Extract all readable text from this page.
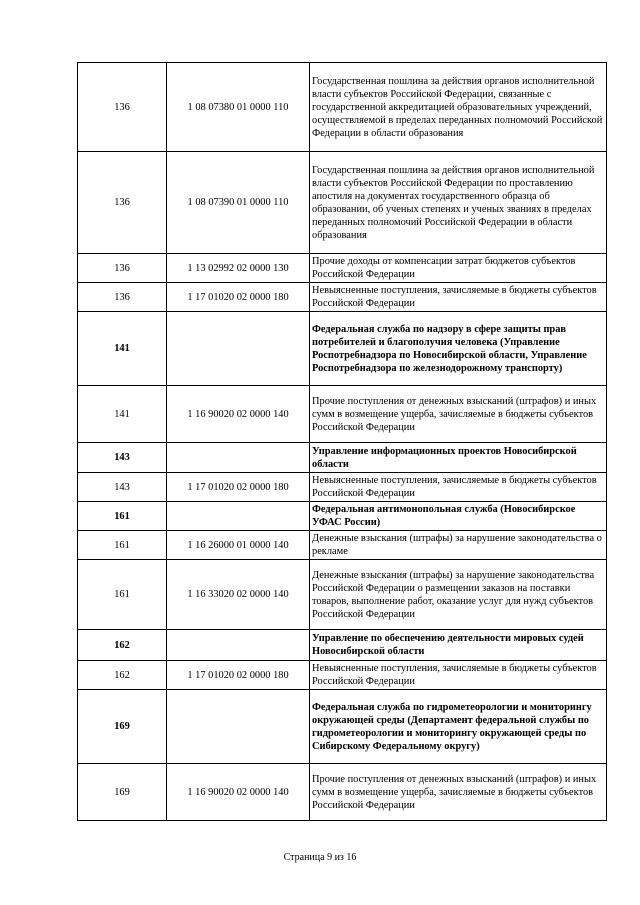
136	1 08 07380 01 0000 110	Государственная пошлина за действия органов исполнительной власти субъектов Российской Федерации, связанные с государственной аккредитацией образовательных учреждений, осуществляемой в пределах переданных полномочий Российской Федерации в области образования
136	1 08 07390 01 0000 110	Государственная пошлина за действия органов исполнительной власти субъектов Российской Федерации по проставлению апостиля на документах государственного образца об образовании, об ученых степенях и ученых званиях в пределах переданных полномочий Российской Федерации в области образования
136	1 13 02992 02 0000 130	Прочие доходы от компенсации затрат бюджетов субъектов Российской Федерации
136	1 17 01020 02 0000 180	Невыясненные поступления, зачисляемые в бюджеты субъектов Российской Федерации
141		Федеральная служба по надзору в сфере защиты прав потребителей и благополучия человека (Управление Роспотребнадзора по Новосибирской области, Управление Роспотребнадзора по железнодорожному транспорту)
141	1 16 90020 02 0000 140	Прочие поступления от денежных взысканий (штрафов) и иных сумм в возмещение ущерба, зачисляемые в бюджеты субъектов Российской Федерации
143		Управление информационных проектов Новосибирской области
143	1 17 01020 02 0000 180	Невыясненные поступления, зачисляемые в бюджеты субъектов Российской Федерации
161		Федеральная антимонопольная служба (Новосибирское УФАС России)
161	1 16 26000 01 0000 140	Денежные взыскания (штрафы) за нарушение законодательства о рекламе
161	1 16 33020 02 0000 140	Денежные взыскания (штрафы) за нарушение законодательства Российской Федерации о размещении заказов на поставки товаров, выполнение работ, оказание услуг для нужд субъектов Российской Федерации
162		Управление по обеспечению деятельности мировых судей Новосибирской области
162	1 17 01020 02 0000 180	Невыясненные поступления, зачисляемые в бюджеты субъектов Российской Федерации
169		Федеральная служба по гидрометеорологии и мониторингу окружающей среды (Департамент федеральной службы по гидрометеорологии и мониторингу окружающей среды по Сибирскому Федеральному округу)
169	1 16 90020 02 0000 140	Прочие поступления от денежных взысканий (штрафов) и иных сумм в возмещение ущерба, зачисляемые в бюджеты субъектов Российской Федерации
Страница 9 из 16
